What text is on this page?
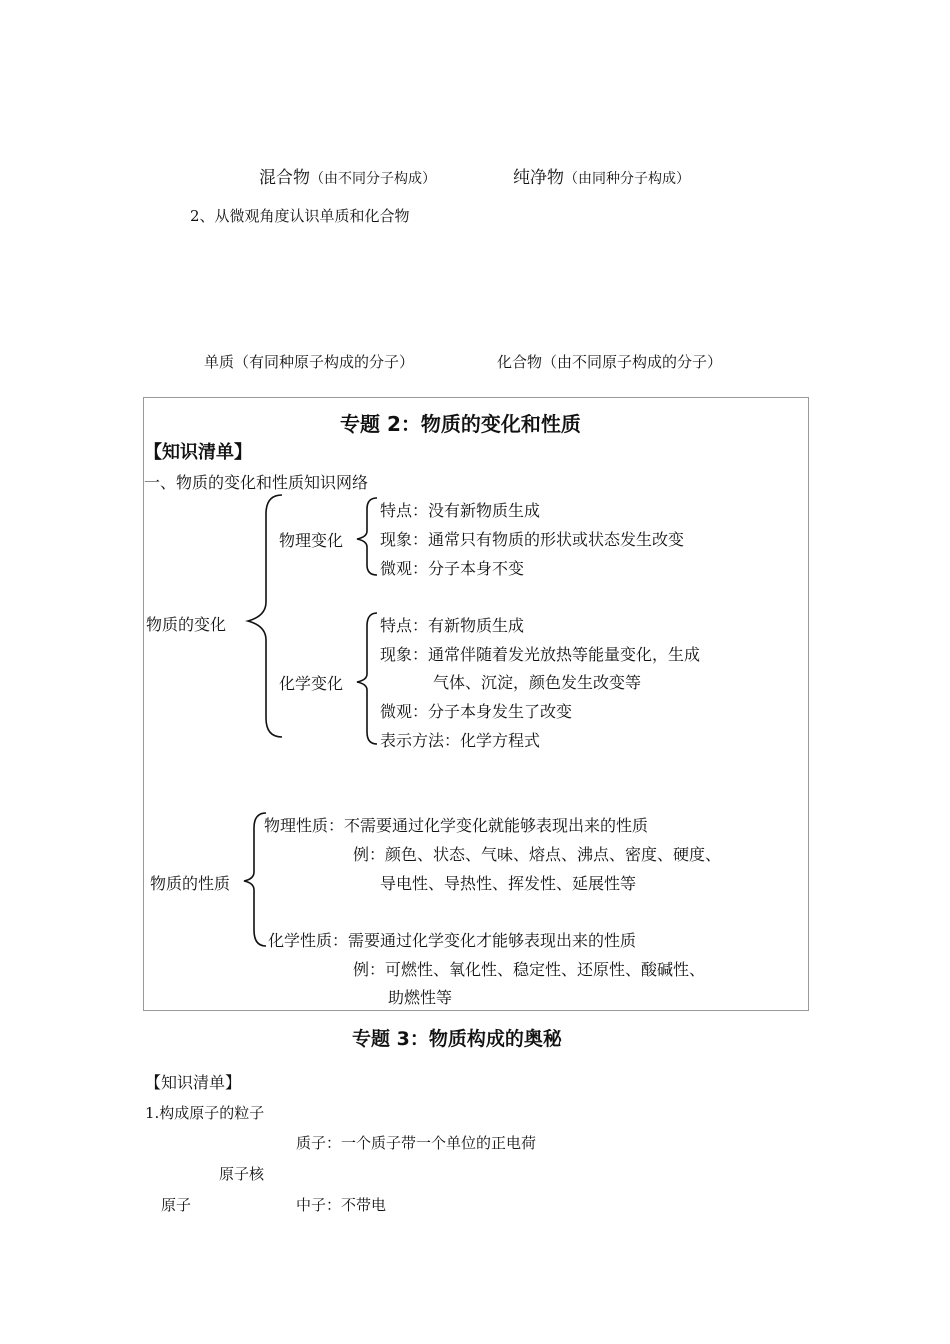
混合物（由不同分子构成）	纯净物（由同种分子构成）
2、从微观角度认识单质和化合物
单质（有同种原子构成的分子）	化合物（由不同原子构成的分子）
专题 2：物质的变化和性质
【知识清单】
一、物质的变化和性质知识网络
物质的变化
物理变化
特点：没有新物质生成
现象：通常只有物质的形状或状态发生改变
微观：分子本身不变
化学变化
特点：有新物质生成
现象：通常伴随着发光放热等能量变化，生成
气体、沉淀，颜色发生改变等
微观：分子本身发生了改变
表示方法：化学方程式
物质的性质
物理性质：不需要通过化学变化就能够表现出来的性质
例：颜色、状态、气味、熔点、沸点、密度、硬度、
导电性、导热性、挥发性、延展性等
化学性质：需要通过化学变化才能够表现出来的性质
例：可燃性、氧化性、稳定性、还原性、酸碱性、
助燃性等
专题 3：物质构成的奥秘
【知识清单】
1.构成原子的粒子
质子：一个质子带一个单位的正电荷
原子核
原子	中子：不带电
